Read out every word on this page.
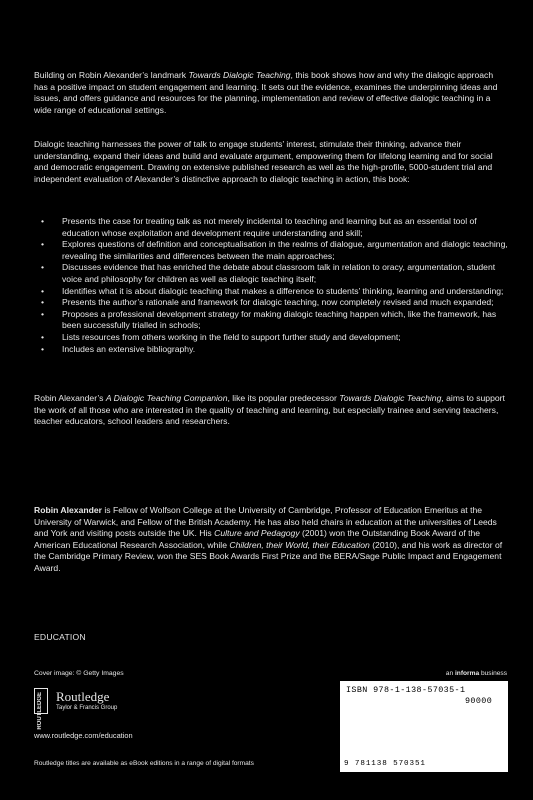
Building on Robin Alexander’s landmark Towards Dialogic Teaching, this book shows how and why the dialogic approach has a positive impact on student engagement and learning. It sets out the evidence, examines the underpinning ideas and issues, and offers guidance and resources for the planning, implementation and review of effective dialogic teaching in a wide range of educational settings.
Dialogic teaching harnesses the power of talk to engage students’ interest, stimulate their thinking, advance their understanding, expand their ideas and build and evaluate argument, empowering them for lifelong learning and for social and democratic engagement. Drawing on extensive published research as well as the high-profile, 5000-student trial and independent evaluation of Alexander’s distinctive approach to dialogic teaching in action, this book:
• Presents the case for treating talk as not merely incidental to teaching and learning but as an essential tool of education whose exploitation and development require understanding and skill;
• Explores questions of definition and conceptualisation in the realms of dialogue, argumentation and dialogic teaching, revealing the similarities and differences between the main approaches;
• Discusses evidence that has enriched the debate about classroom talk in relation to oracy, argumentation, student voice and philosophy for children as well as dialogic teaching itself;
• Identifies what it is about dialogic teaching that makes a difference to students’ thinking, learning and understanding;
• Presents the author’s rationale and framework for dialogic teaching, now completely revised and much expanded;
• Proposes a professional development strategy for making dialogic teaching happen which, like the framework, has been successfully trialled in schools;
• Lists resources from others working in the field to support further study and development;
• Includes an extensive bibliography.
Robin Alexander’s A Dialogic Teaching Companion, like its popular predecessor Towards Dialogic Teaching, aims to support the work of all those who are interested in the quality of teaching and learning, but especially trainee and serving teachers, teacher educators, school leaders and researchers.
Robin Alexander is Fellow of Wolfson College at the University of Cambridge, Professor of Education Emeritus at the University of Warwick, and Fellow of the British Academy. He has also held chairs in education at the universities of Leeds and York and visiting posts outside the UK. His Culture and Pedagogy (2001) won the Outstanding Book Award of the American Educational Research Association, while Children, their World, their Education (2010), and his work as director of the Cambridge Primary Review, won the SES Book Awards First Prize and the BERA/Sage Public Impact and Engagement Award.
EDUCATION
Cover image: © Getty Images	an informa business
ROUTLEDGE Routledge
Taylor & Francis Group
www.routledge.com/education
Routledge titles are available as eBook editions in a range of digital formats
ISBN 978-1-138-57035-1
90000
9 781138 570351
